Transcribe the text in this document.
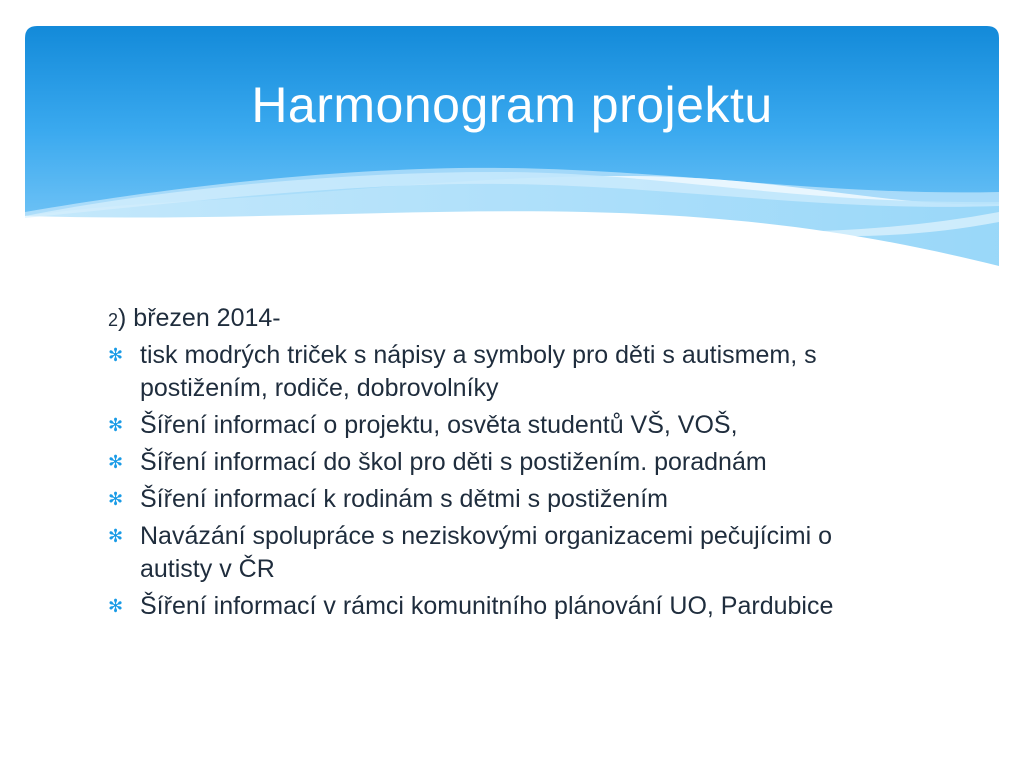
Harmonogram projektu

2) březen 2014-

✻ tisk modrých triček s nápisy a symboly pro děti s autismem, s postižením, rodiče, dobrovolníky
✻ Šíření informací o projektu, osvěta studentů VŠ, VOŠ,
✻ Šíření informací do škol pro děti s postižením. poradnám
✻ Šíření informací k rodinám s dětmi s postižením
✻ Navázání spolupráce s neziskovými organizacemi pečujícimi o autisty v ČR
✻ Šíření informací v rámci komunitního plánování UO, Pardubice
